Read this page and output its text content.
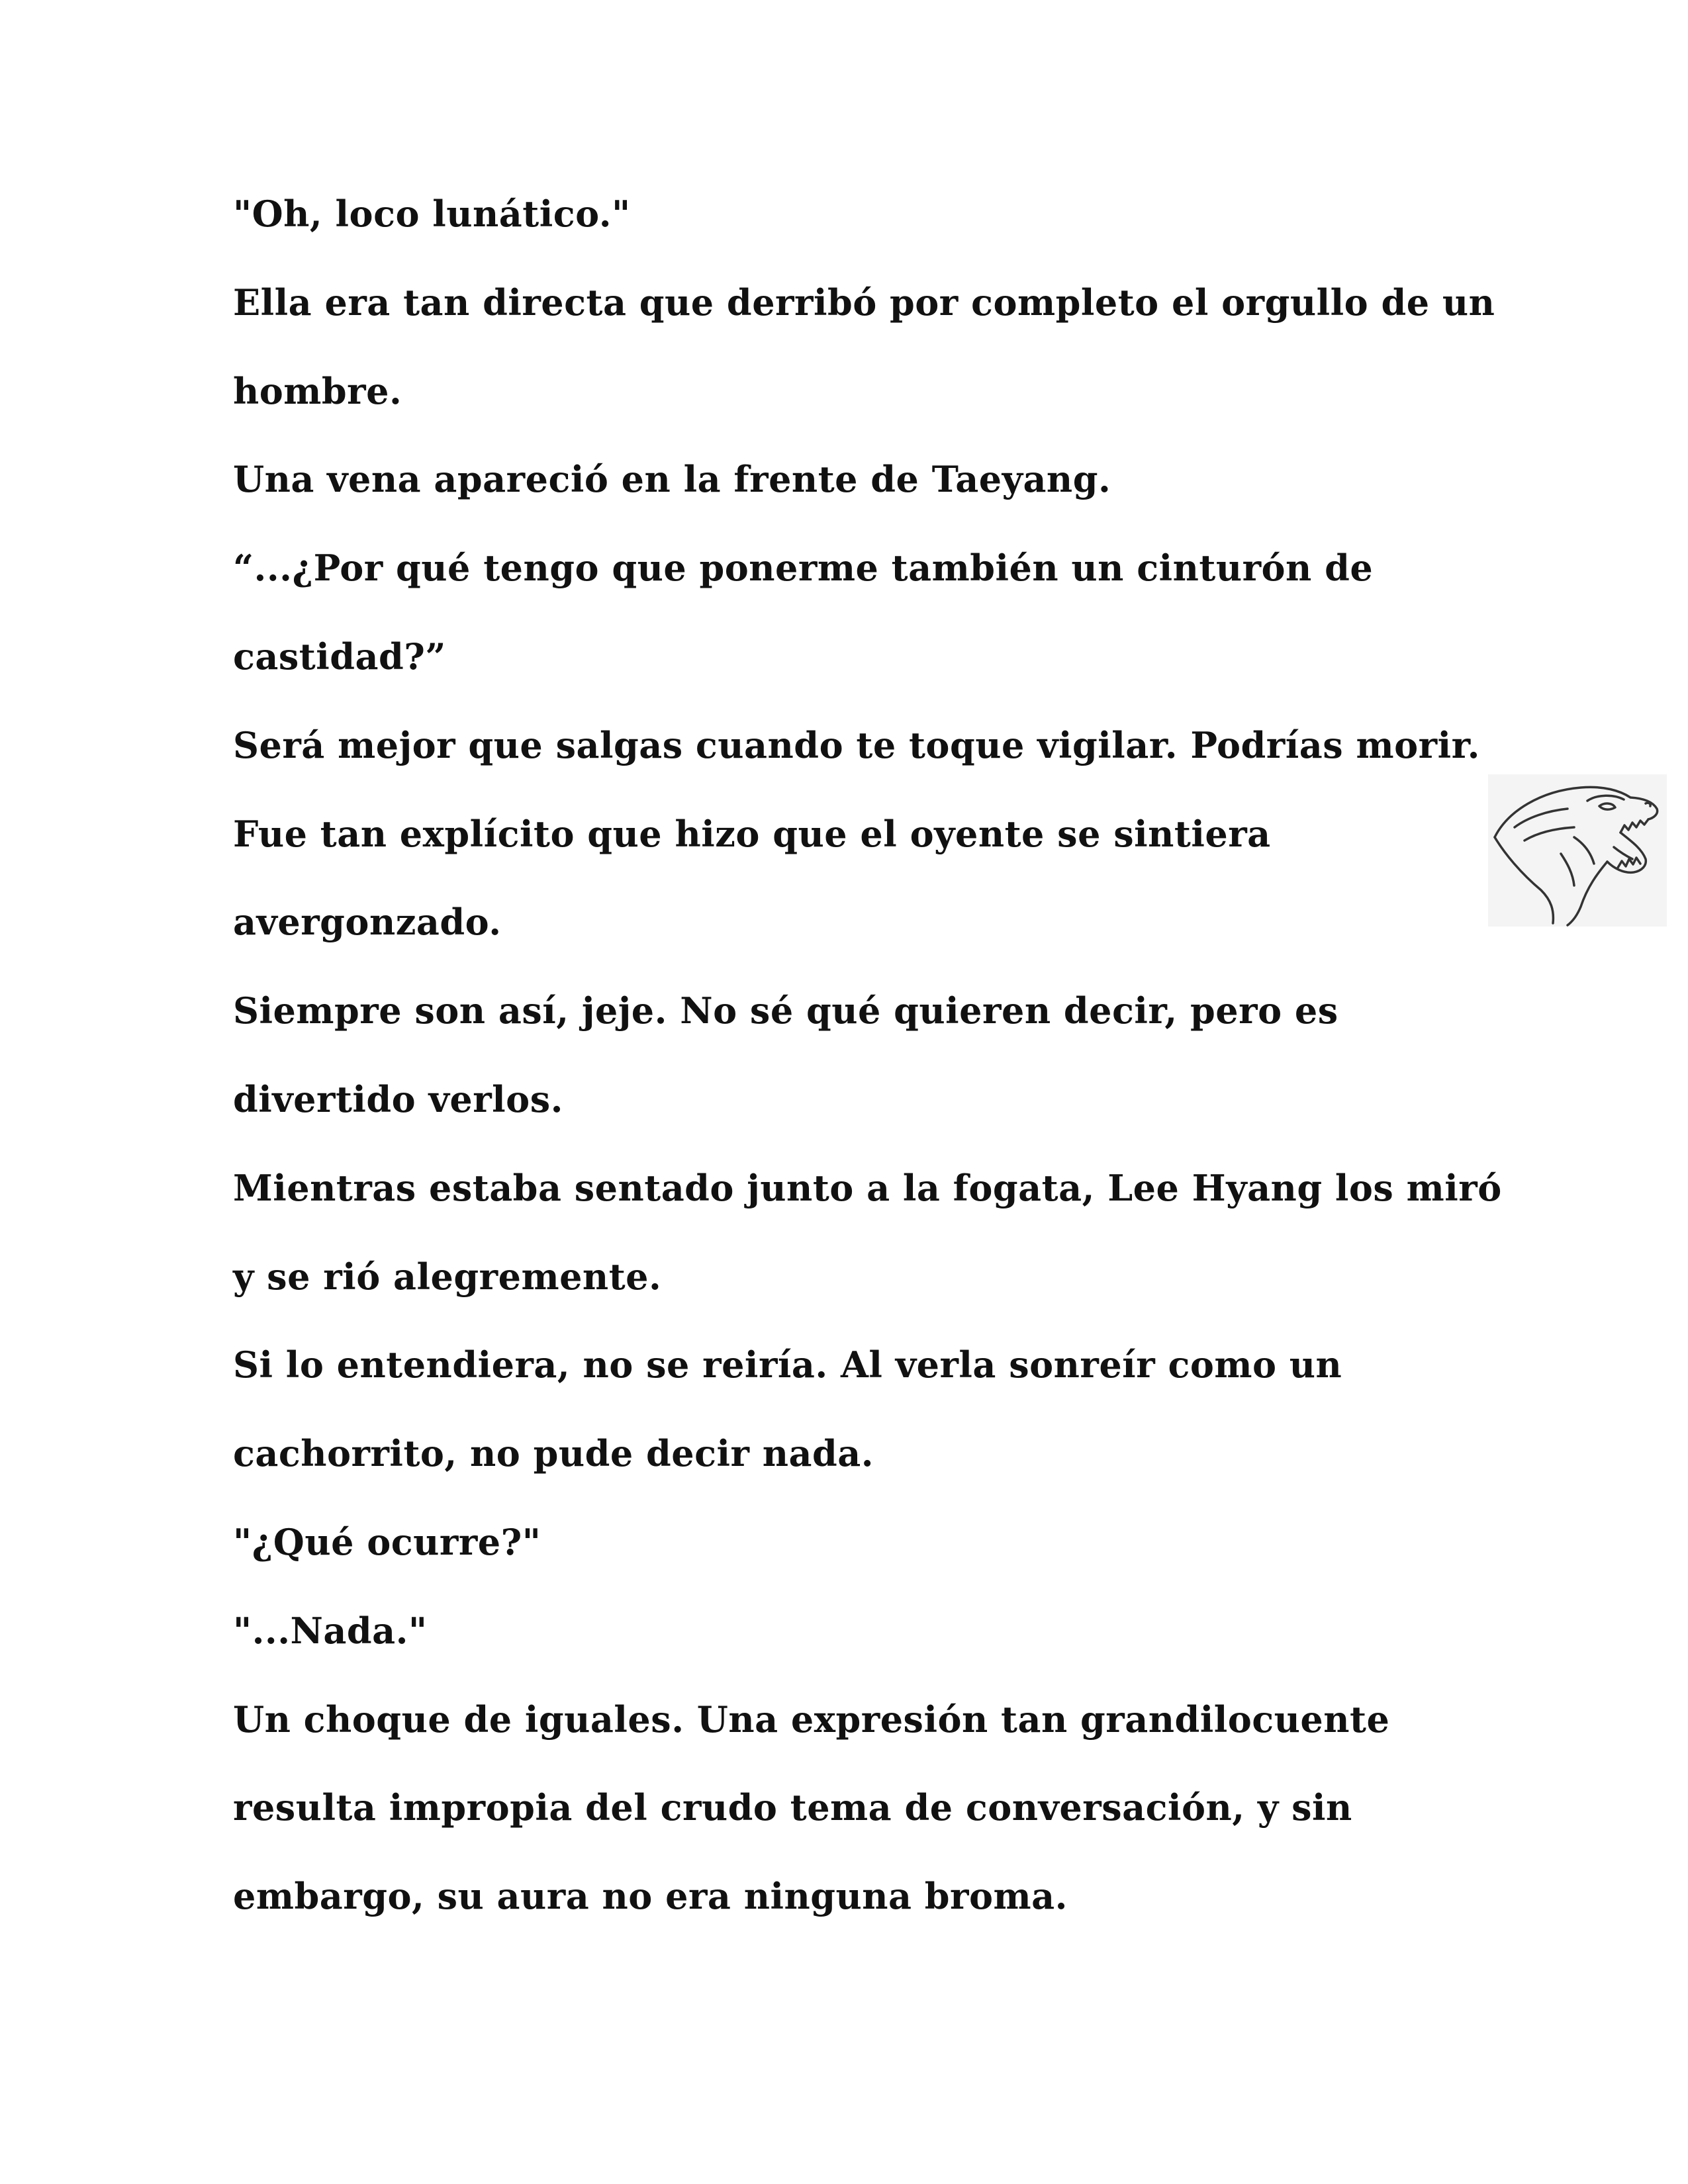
"Oh, loco lunático."
Ella era tan directa que derribó por completo el orgullo de un
hombre.
Una vena apareció en la frente de Taeyang.
“...¿Por qué tengo que ponerme también un cinturón de
castidad?”
Será mejor que salgas cuando te toque vigilar. Podrías morir.
Fue tan explícito que hizo que el oyente se sintiera
avergonzado.
Siempre son así, jeje. No sé qué quieren decir, pero es
divertido verlos.
Mientras estaba sentado junto a la fogata, Lee Hyang los miró
y se rió alegremente.
Si lo entendiera, no se reiría. Al verla sonreír como un
cachorrito, no pude decir nada.
"¿Qué ocurre?"
"...Nada."
Un choque de iguales. Una expresión tan grandilocuente
resulta impropia del crudo tema de conversación, y sin
embargo, su aura no era ninguna broma.
